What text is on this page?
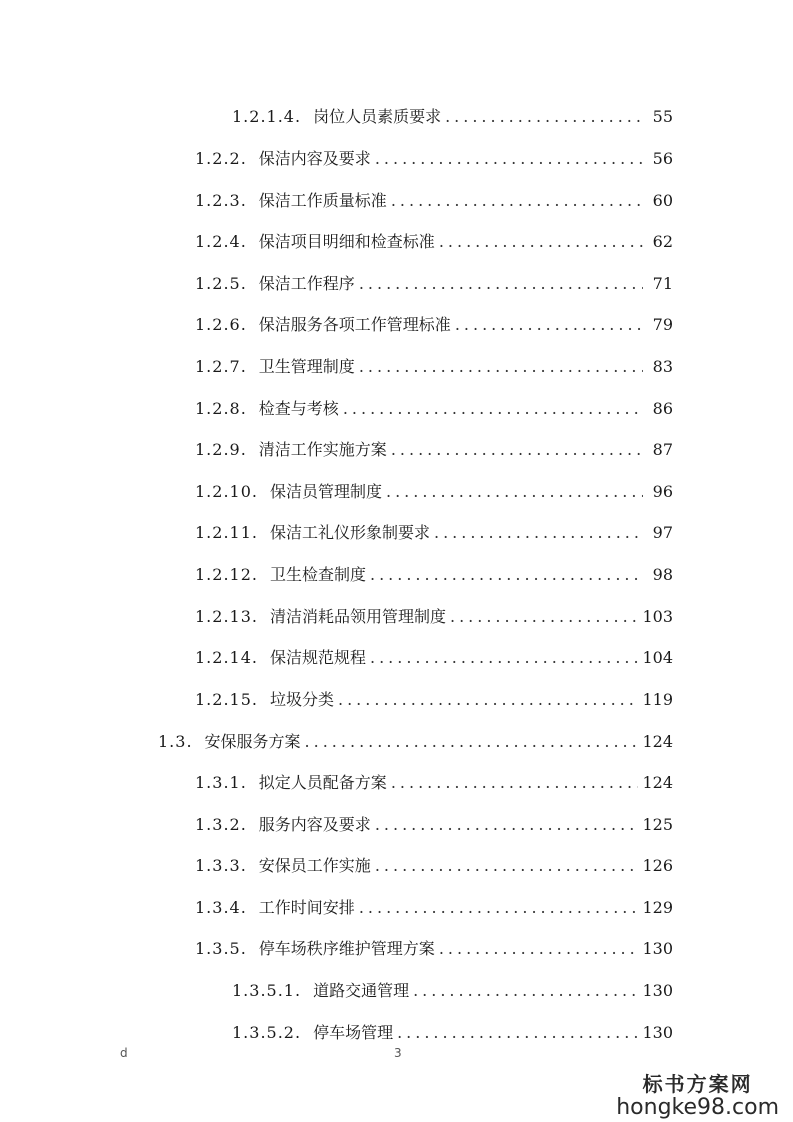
1.2.1.4. 岗位人员素质要求 .....	55
1.2.2. 保洁内容及要求 .....	56
1.2.3. 保洁工作质量标准 .....	60
1.2.4. 保洁项目明细和检查标准 .....	62
1.2.5. 保洁工作程序 .....	71
1.2.6. 保洁服务各项工作管理标准 .....	79
1.2.7. 卫生管理制度 .....	83
1.2.8. 检查与考核 .....	86
1.2.9. 清洁工作实施方案 .....	87
1.2.10. 保洁员管理制度 .....	96
1.2.11. 保洁工礼仪形象制要求 .....	97
1.2.12. 卫生检查制度 .....	98
1.2.13. 清洁消耗品领用管理制度 .....	103
1.2.14. 保洁规范规程 .....	104
1.2.15. 垃圾分类 .....	119
1.3. 安保服务方案 .....	124
1.3.1. 拟定人员配备方案 .....	124
1.3.2. 服务内容及要求 .....	125
1.3.3. 安保员工作实施 .....	126
1.3.4. 工作时间安排 .....	129
1.3.5. 停车场秩序维护管理方案 .....	130
1.3.5.1. 道路交通管理 .....	130
1.3.5.2. 停车场管理 .....	130
d	3
标书方案网
hongke98.com
